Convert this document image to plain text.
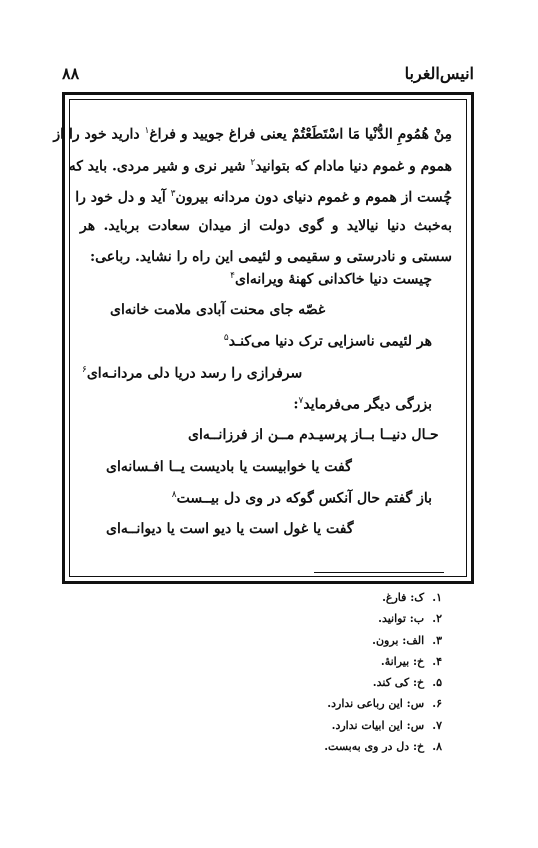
انیس‌الغربا
۸۸
مِنْ هُمُومِ الدُّنْیا مَا اسْتَطَعْتُمْ یعنی فراغ جویید و فراغ$^۱$ دارید خود را از
هموم و غموم دنیا مادام که بتوانید$^۲$ شیر نری و شیر مردی. باید که
چُست از هموم و غموم دنیای دون مردانه بیرون$^۳$ آید و دل خود را
به‌خبث دنیا نیالاید و گوی دولت از میدان سعادت برباید. هر
سستی و نادرستی و سقیمی و لئیمی این راه را نشاید. رباعی:
چیست دنیا خاکدانی کهنهٔ ویرانه‌ای$^۴$
غصّه جای محنت آبادی ملامت خانه‌ای
هر لئیمی ناسزایی ترک دنیا می‌کنـد$^۵$
سرفرازی را رسد دریا دلی مردانـه‌ای$^۶$
بزرگی دیگر می‌فرماید$^۷$:
حـال دنیــا بــاز پرسیـدم مــن از فرزانــه‌ای
گفت یا خوابیست یا بادیست یــا افـسانه‌ای
باز گفتم حال آنکس گوکه در وی دل بیــست$^۸$
گفت یا غول است یا دیو است یا دیوانــه‌ای
۱. ک: فارغ.
۲. ب: توانید.
۳. الف: برون.
۴. خ: بیرانهٔ.
۵. خ: کی کند.
۶. س: این رباعی ندارد.
۷. س: این ابیات ندارد.
۸. خ: دل در وی به‌بست.
